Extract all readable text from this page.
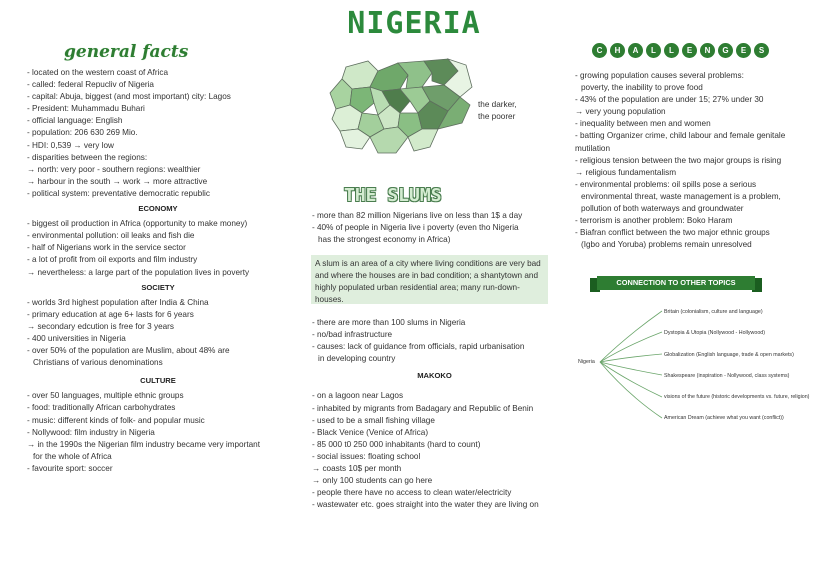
NIGERIA
the darker,
the poorer
general facts

- located on the western coast of Africa

- called: federal Repucliv of Nigeria

- capital: Abuja, biggest (and most important) city: Lagos

- President: Muhammadu Buhari

- official language: English

- population: 206 630 269 Mio.

- HDI: 0,539 → very low

- disparities between the regions:

→ north: very poor - southern regions: wealthier

→ harbour in the south → work → more attractive

- political system: preventative democratic republic

ECONOMY

- biggest oil production in Africa (opportunity to make money)

- environmental pollution: oil leaks and fish die

- half of Nigerians work in the service sector

- a lot of profit from oil exports and film industry

→ nevertheless: a large part of the population lives in poverty

SOCIETY

- worlds 3rd highest population after India & China

- primary education at age 6+ lasts for 6 years

→ secondary edcution is free for 3 years

- 400 universities in Nigeria

- over 50% of the population are Muslim, about 48% are

Christians of various denominations

CULTURE

- over 50 languages, multiple ethnic groups

- food: traditionally African carbohydrates

- music: different kinds of folk- and popular music

- Nollywood: film industry in Nigeria

→ in the 1990s the Nigerian film industry became very important

for the whole of Africa

- favourite sport: soccer

THE SLUMS

- more than 82 million Nigerians live on less than 1$ a day

- 40% of people in Nigeria live i poverty (even tho Nigeria

has the strongest economy in Africa)

A slum is an area of a city where living conditions are very bad and where the houses are in bad condition; a shantytown and highly populated urban residential area; many run-down-houses.

- there are more than 100 slums in Nigeria

- no/bad infrastructure

- causes: lack of guidance from officials, rapid urbanisation

in developing country

MAKOKO

- on a lagoon near Lagos

- inhabited by migrants from Badagary and Republic of Benin

- used to be a small fishing village

- Black Venice (Venice of Africa)

- 85 000 t0 250 000 inhabitants (hard to count)

- social issues: floating school

→ coasts 10$ per month

→ only 100 students can go here

- people there have no access to clean water/electricity

- wastewater etc. goes straight into the water they are living on

C	H	A	L	L	E	N	G	E	S

- growing population causes several problems:

poverty, the inability to prove food

- 43% of the population are under 15; 27% under 30

→ very young population

- inequality between men and women

- batting Organizer crime, child labour and female genitale

mutilation

- religious tension between the two major groups is rising

→ religious fundamentalism

- environmental problems: oil spills pose a serious

environmental threat, waste management is a problem,

pollution of both waterways and groundwater

- terrorism is another problem: Boko Haram

- Biafran conflict between the two major ethnic groups

(Igbo and Yoruba) problems remain unresolved

CONNECTION TO OTHER TOPICS
Nigeria
Britain (colonialism, culture and language)
Dystopia & Utopia (Nollywood - Hollywood)
Globalization (English language, trade & open markets)
Shakespeare (inspiration - Nollywood, class systems)
visions of the future (historic developments vs. future, religion)
American Dream (achieve what you want (conflict))
